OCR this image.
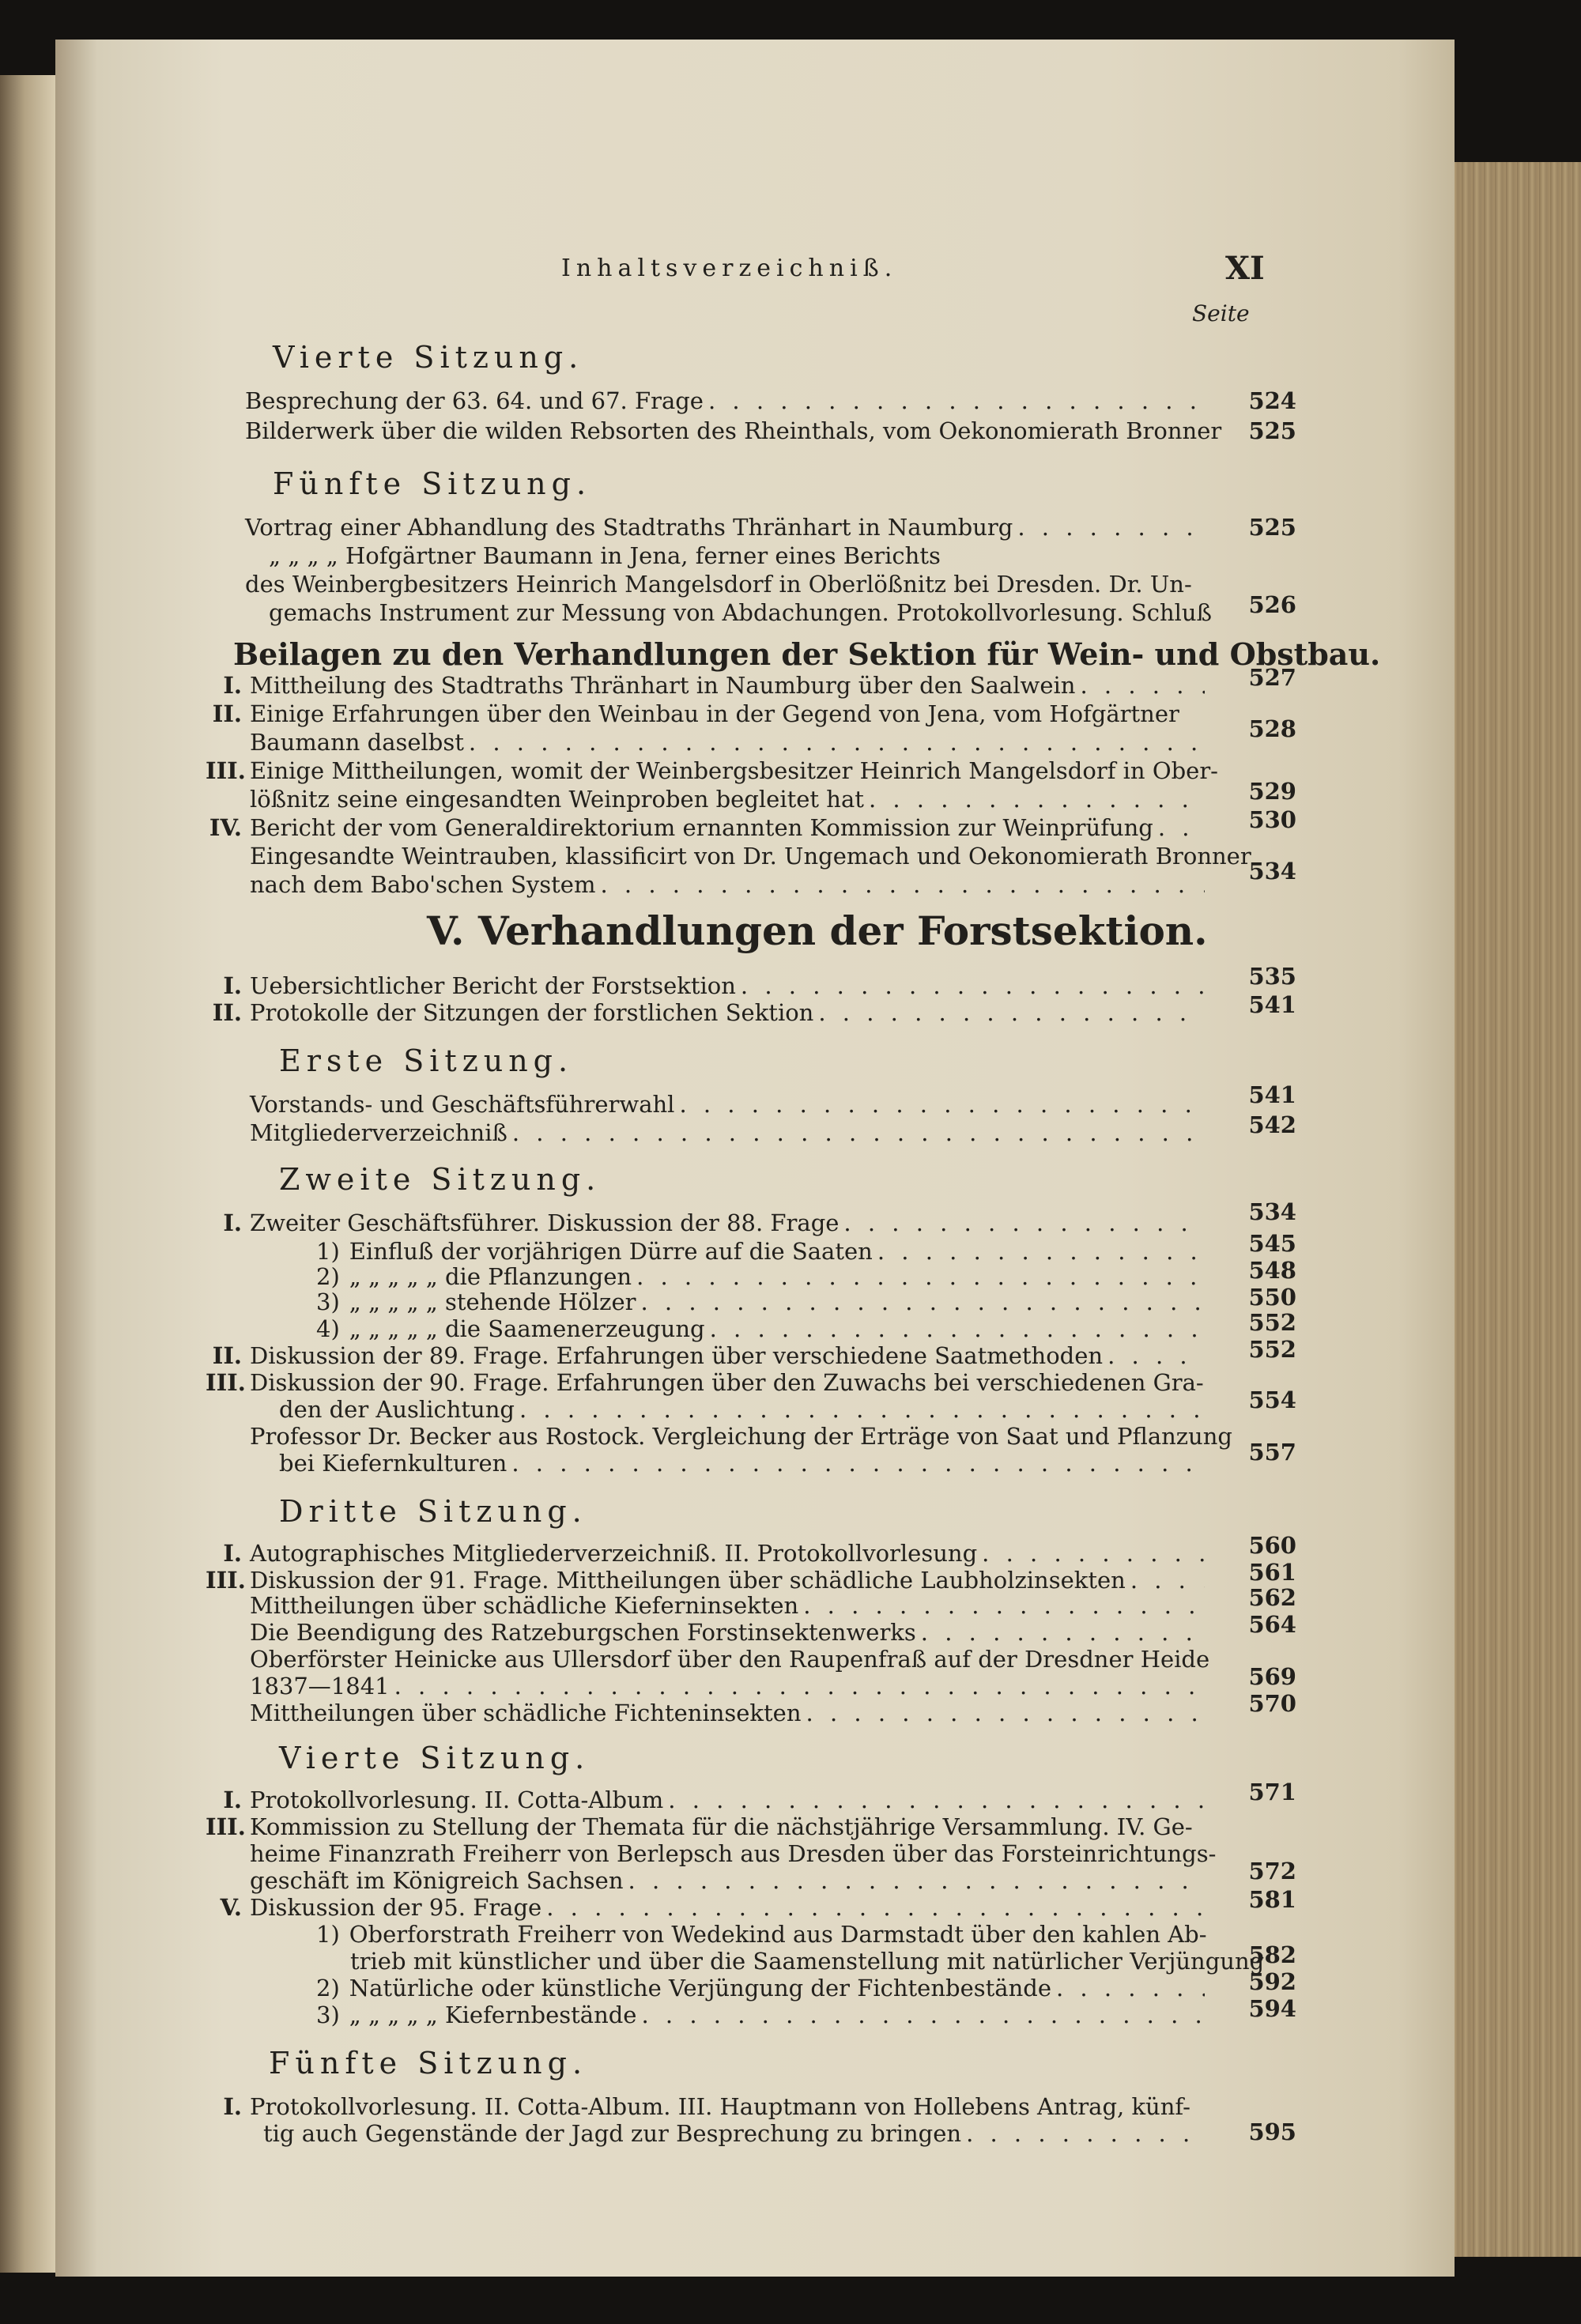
Inhaltsverzeichniß.	XI
Seite
Vierte Sitzung.
Besprechung der 63. 64. und 67. Frage . . .	524
Bilderwerk über die wilden Rebsorten des Rheinthals, vom Oekonomierath Bronner	525
Fünfte Sitzung.
Vortrag einer Abhandlung des Stadtraths Thränhart in Naumburg . . .	525
„ „ „ „ Hofgärtner Baumann in Jena, ferner eines Berichts
des Weinbergbesitzers Heinrich Mangelsdorf in Oberlößnitz bei Dresden. Dr. Un-
gemachs Instrument zur Messung von Abdachungen. Protokollvorlesung. Schluß	526
Beilagen zu den Verhandlungen der Sektion für Wein- und Obstbau.
I. Mittheilung des Stadtraths Thränhart in Naumburg über den Saalwein . . .	527
II. Einige Erfahrungen über den Weinbau in der Gegend von Jena, vom Hofgärtner
Baumann daselbst . . .	528
III. Einige Mittheilungen, womit der Weinbergsbesitzer Heinrich Mangelsdorf in Ober-
lößnitz seine eingesandten Weinproben begleitet hat . . .	529
IV. Bericht der vom Generaldirektorium ernannten Kommission zur Weinprüfung . . .	530
Eingesandte Weintrauben, klassificirt von Dr. Ungemach und Oekonomierath Bronner
nach dem Babo'schen System . . .	534
V. Verhandlungen der Forstsektion.
I. Uebersichtlicher Bericht der Forstsektion . . .	535
II. Protokolle der Sitzungen der forstlichen Sektion . . .	541
Erste Sitzung.
Vorstands- und Geschäftsführerwahl . . .	541
Mitgliederverzeichniß . . .	542
Zweite Sitzung.
I. Zweiter Geschäftsführer. Diskussion der 88. Frage . . .	534
1) Einfluß der vorjährigen Dürre auf die Saaten . . .	545
2) „ „ „ „ „ die Pflanzungen . . .	548
3) „ „ „ „ „ stehende Hölzer . . .	550
4) „ „ „ „ „ die Saamenerzeugung . . .	552
II. Diskussion der 89. Frage. Erfahrungen über verschiedene Saatmethoden . . .	552
III. Diskussion der 90. Frage. Erfahrungen über den Zuwachs bei verschiedenen Gra-
den der Auslichtung . . .	554
Professor Dr. Becker aus Rostock. Vergleichung der Erträge von Saat und Pflanzung
bei Kiefernkulturen . . .	557
Dritte Sitzung.
I. Autographisches Mitgliederverzeichniß. II. Protokollvorlesung . . .	560
III. Diskussion der 91. Frage. Mittheilungen über schädliche Laubholzinsekten . . .	561
Mittheilungen über schädliche Kieferninsekten . . .	562
Die Beendigung des Ratzeburgschen Forstinsektenwerks . . .	564
Oberförster Heinicke aus Ullersdorf über den Raupenfraß auf der Dresdner Heide
1837—1841 . . .	569
Mittheilungen über schädliche Fichteninsekten . . .	570
Vierte Sitzung.
I. Protokollvorlesung. II. Cotta-Album . . .	571
III. Kommission zu Stellung der Themata für die nächstjährige Versammlung. IV. Ge-
heime Finanzrath Freiherr von Berlepsch aus Dresden über das Forsteinrichtungs-
geschäft im Königreich Sachsen . . .	572
V. Diskussion der 95. Frage . . .	581
1) Oberforstrath Freiherr von Wedekind aus Darmstadt über den kahlen Ab-
trieb mit künstlicher und über die Saamenstellung mit natürlicher Verjüngung
582
2) Natürliche oder künstliche Verjüngung der Fichtenbestände . . .	592
3) „ „ „ „ „ Kiefernbestände . . .	594
Fünfte Sitzung.
I. Protokollvorlesung. II. Cotta-Album. III. Hauptmann von Hollebens Antrag, künf-
tig auch Gegenstände der Jagd zur Besprechung zu bringen . . .	595
